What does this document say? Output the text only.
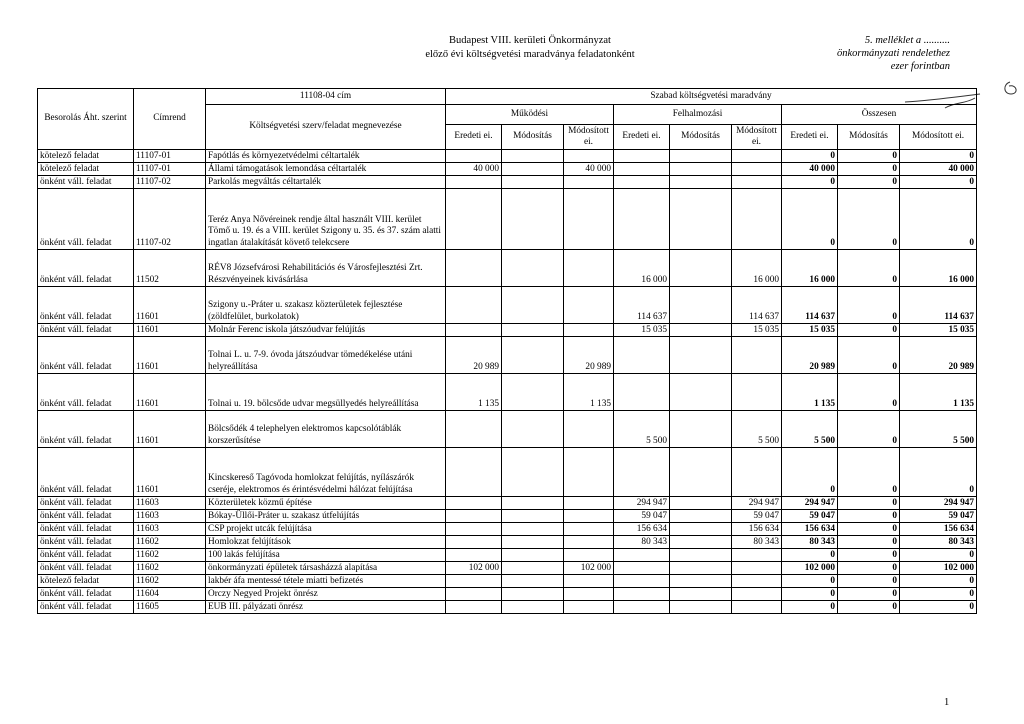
Budapest VIII. kerületi Önkormányzat
előző évi költségvetési maradványa feladatonként
5. melléklet a ..........
önkormányzati rendelethez
ezer forintban
Besorolás Áht. szerint	Címrend	11108-04 cím	Szabad költségvetési maradvány								
		Költségvetési szerv/feladat megnevezése	Működési			Felhalmozási			Összesen		
			Eredeti ei.	Módosítás	Módosított ei.	Eredeti ei.	Módosítás	Módosított ei.	Eredeti ei.	Módosítás	Módosított ei.
kötelező feladat	11107-01	Fapótlás és környezetvédelmi céltartalék							0	0	0
kötelező feladat	11107-01	Állami támogatások lemondása céltartalék	40 000		40 000				40 000	0	40 000
önként váll. feladat	11107-02	Parkolás megváltás céltartalék							0	0	0
önként váll. feladat	11107-02	Teréz Anya Nővéreinek rendje által használt VIII. kerület Tömő u. 19. és a VIII. kerület Szigony u. 35. és 37. szám alatti ingatlan átalakítását követő telekcsere							0	0	0
önként váll. feladat	11502	RÉV8 Józsefvárosi Rehabilitációs és Városfejlesztési Zrt. Részvényeinek kivásárlása				16 000		16 000	16 000	0	16 000
önként váll. feladat	11601	Szigony u.-Práter u. szakasz közterületek fejlesztése (zöldfelület, burkolatok)				114 637		114 637	114 637	0	114 637
önként váll. feladat	11601	Molnár Ferenc iskola játszóudvar felújítás				15 035		15 035	15 035	0	15 035
önként váll. feladat	11601	Tolnai L. u. 7-9. óvoda játszóudvar tömedékelése utáni helyreállítása	20 989		20 989				20 989	0	20 989
önként váll. feladat	11601	Tolnai u. 19. bölcsőde udvar megsüllyedés helyreállítása	1 135		1 135				1 135	0	1 135
önként váll. feladat	11601	Bölcsődék 4 telephelyen elektromos kapcsolótáblák korszerűsítése				5 500		5 500	5 500	0	5 500
önként váll. feladat	11601	Kincskereső Tagóvoda homlokzat felújítás, nyílászárók cseréje, elektromos és érintésvédelmi hálózat felújítása							0	0	0
önként váll. feladat	11603	Közterületek közmű építése				294 947		294 947	294 947	0	294 947
önként váll. feladat	11603	Bókay-Üllői-Práter u. szakasz útfelújítás				59 047		59 047	59 047	0	59 047
önként váll. feladat	11603	CSP projekt utcák felújítása				156 634		156 634	156 634	0	156 634
önként váll. feladat	11602	Homlokzat felújítások				80 343		80 343	80 343	0	80 343
önként váll. feladat	11602	100 lakás felújítása							0	0	0
önként váll. feladat	11602	önkormányzati épületek társasházzá alapítása	102 000		102 000				102 000	0	102 000
kötelező feladat	11602	lakbér áfa mentessé tétele miatti befizetés							0	0	0
önként váll. feladat	11604	Orczy Negyed Projekt önrész							0	0	0
önként váll. feladat	11605	EUB III. pályázati önrész							0	0	0
1
